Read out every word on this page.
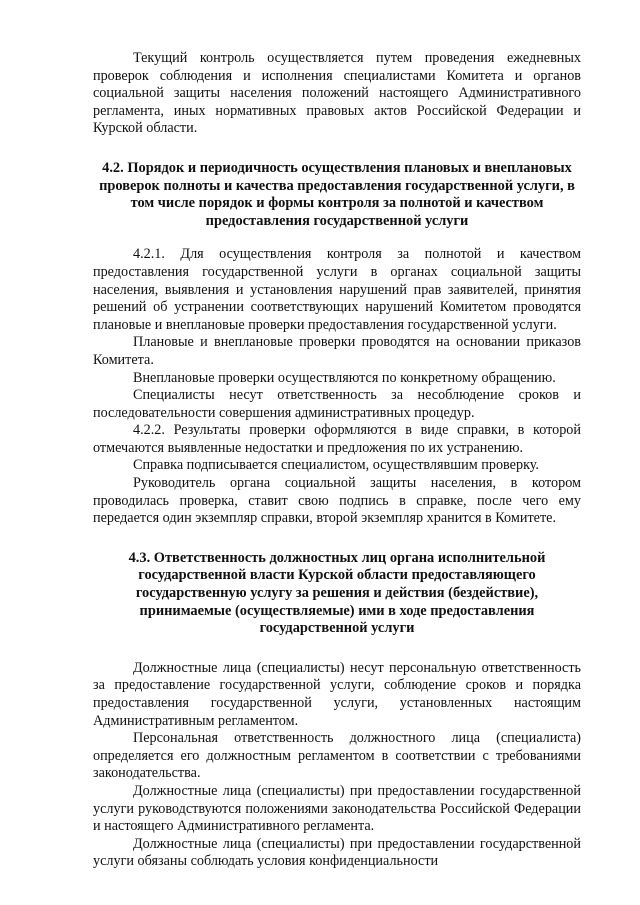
Текущий контроль осуществляется путем проведения ежедневных проверок соблюдения и исполнения специалистами Комитета и органов социальной защиты населения положений настоящего Административного регламента, иных нормативных правовых актов Российской Федерации и Курской области.

4.2. Порядок и периодичность осуществления плановых и внеплановых проверок полноты и качества предоставления государственной услуги, в том числе порядок и формы контроля за полнотой и качеством предоставления государственной услуги

4.2.1. Для осуществления контроля за полнотой и качеством предоставления государственной услуги в органах социальной защиты населения, выявления и установления нарушений прав заявителей, принятия решений об устранении соответствующих нарушений Комитетом проводятся плановые и внеплановые проверки предоставления государственной услуги.

Плановые и внеплановые проверки проводятся на основании приказов Комитета.

Внеплановые проверки осуществляются по конкретному обращению.

Специалисты несут ответственность за несоблюдение сроков и последовательности совершения административных процедур.

4.2.2. Результаты проверки оформляются в виде справки, в которой отмечаются выявленные недостатки и предложения по их устранению.

Справка подписывается специалистом, осуществлявшим проверку.

Руководитель органа социальной защиты населения, в котором проводилась проверка, ставит свою подпись в справке, после чего ему передается один экземпляр справки, второй экземпляр хранится в Комитете.

4.3. Ответственность должностных лиц органа исполнительной государственной власти Курской области предоставляющего государственную услугу за решения и действия (бездействие), принимаемые (осуществляемые) ими в ходе предоставления государственной услуги

Должностные лица (специалисты) несут персональную ответственность за предоставление государственной услуги, соблюдение сроков и порядка предоставления государственной услуги, установленных настоящим Административным регламентом.

Персональная ответственность должностного лица (специалиста) определяется его должностным регламентом в соответствии с требованиями законодательства.

Должностные лица (специалисты) при предоставлении государственной услуги руководствуются положениями законодательства Российской Федерации и настоящего Административного регламента.

Должностные лица (специалисты) при предоставлении государственной услуги обязаны соблюдать условия конфиденциальности
